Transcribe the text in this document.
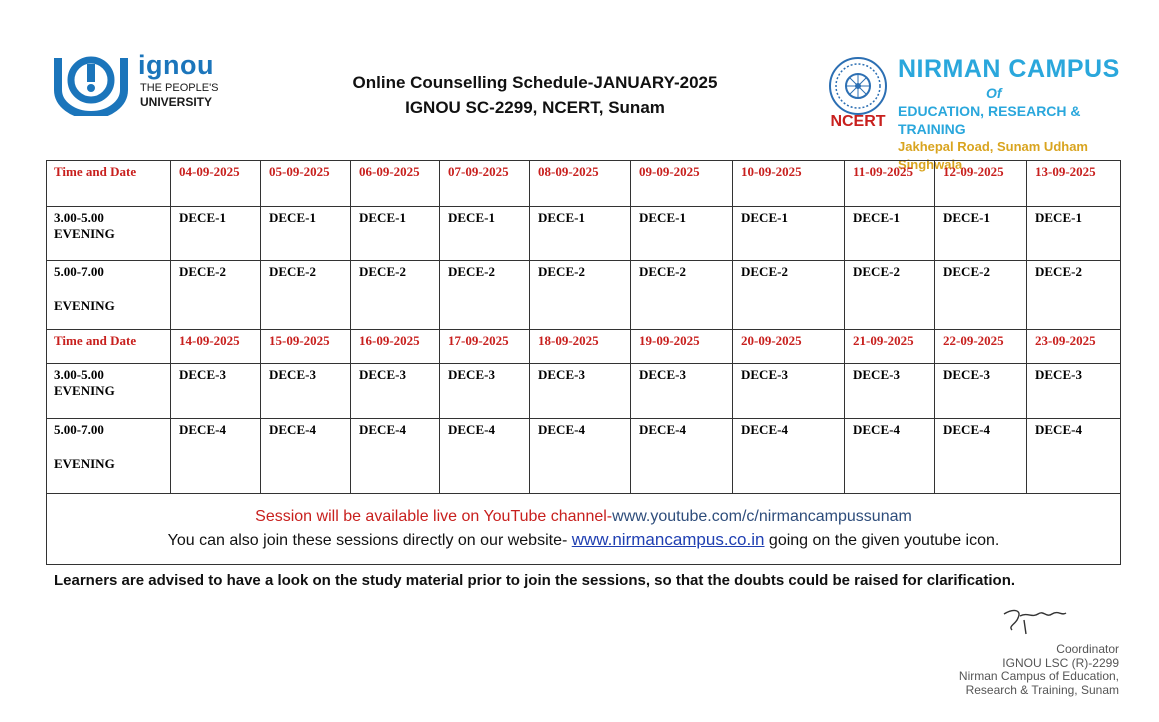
ignou
THE PEOPLE'S
UNIVERSITY
Online Counselling Schedule-JANUARY-2025
IGNOU SC-2299, NCERT, Sunam
NCERT
NIRMAN CAMPUS
Of
EDUCATION, RESEARCH & TRAINING
Jakhepal Road, Sunam Udham Singhwala
Time and Date	04-09-2025	05-09-2025	06-09-2025	07-09-2025	08-09-2025	09-09-2025	10-09-2025	11-09-2025	12-09-2025	13-09-2025

3.00-5.00
EVENING	DECE-1	DECE-1	DECE-1	DECE-1	DECE-1	DECE-1	DECE-1	DECE-1	DECE-1	DECE-1

5.00-7.00
EVENING	DECE-2	DECE-2	DECE-2	DECE-2	DECE-2	DECE-2	DECE-2	DECE-2	DECE-2	DECE-2
Time and Date	14-09-2025	15-09-2025	16-09-2025	17-09-2025	18-09-2025	19-09-2025	20-09-2025	21-09-2025	22-09-2025	23-09-2025

3.00-5.00
EVENING	DECE-3	DECE-3	DECE-3	DECE-3	DECE-3	DECE-3	DECE-3	DECE-3	DECE-3	DECE-3

5.00-7.00
EVENING	DECE-4	DECE-4	DECE-4	DECE-4	DECE-4	DECE-4	DECE-4	DECE-4	DECE-4	DECE-4

Session will be available live on YouTube channel-www.youtube.com/c/nirmancampussunam
You can also join these sessions directly on our website- www.nirmancampus.co.in going on the given youtube icon.										
Learners are advised to have a look on the study material prior to join the sessions, so that the doubts could be raised for clarification.
Coordinator
IGNOU LSC (R)-2299
Nirman Campus of Education,
Research & Training, Sunam
